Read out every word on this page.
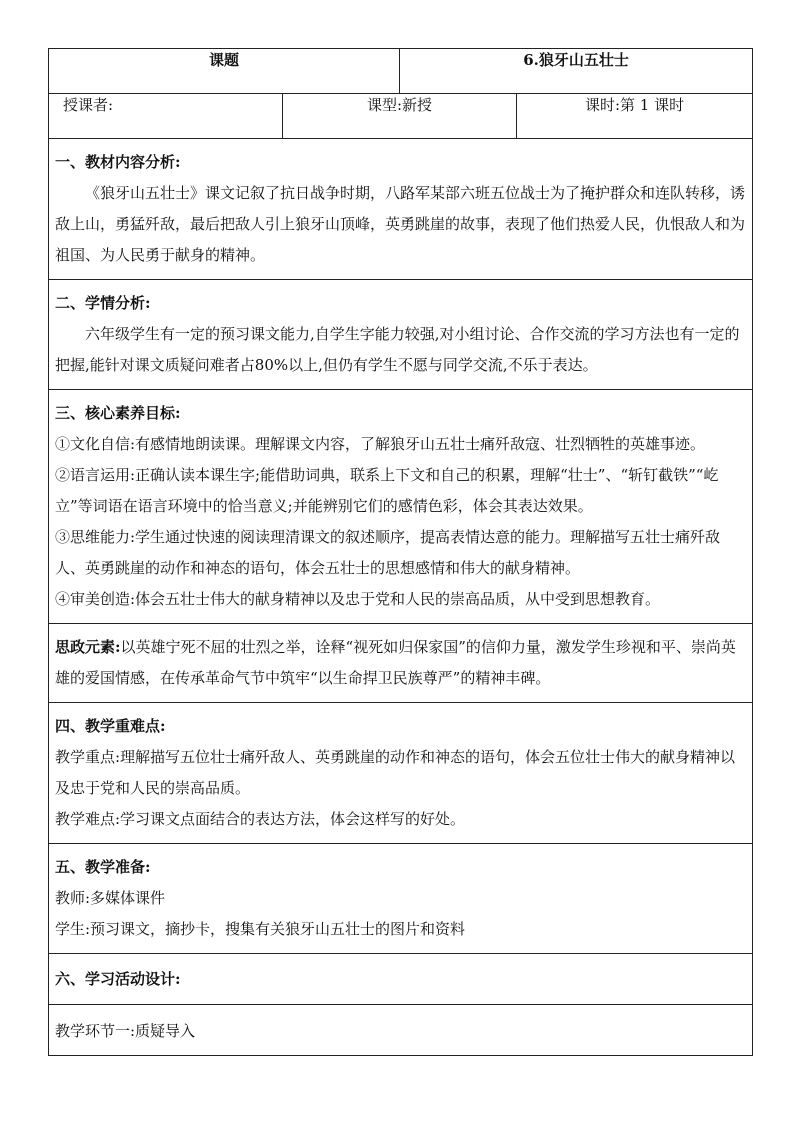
课题		6.狼牙山五壮士	
授课者:	课型:新授		课时:第 1 课时

一、教材内容分析:
《狼牙山五壮士》课文记叙了抗日战争时期，八路军某部六班五位战士为了掩护群众和连队转移，诱敌上山，勇猛歼敌，最后把敌人引上狼牙山顶峰，英勇跳崖的故事，表现了他们热爱人民，仇恨敌人和为祖国、为人民勇于献身的精神。			

二、学情分析:
六年级学生有一定的预习课文能力,自学生字能力较强,对小组讨论、合作交流的学习方法也有一定的把握,能针对课文质疑问难者占80%以上,但仍有学生不愿与同学交流,不乐于表达。			

三、核心素养目标:
①文化自信:有感情地朗读课。理解课文内容，了解狼牙山五壮士痛歼敌寇、壮烈牺牲的英雄事迹。
②语言运用:正确认读本课生字;能借助词典，联系上下文和自己的积累，理解“壮士”、“斩钉截铁”“屹立”等词语在语言环境中的恰当意义;并能辨别它们的感情色彩，体会其表达效果。
③思维能力:学生通过快速的阅读理清课文的叙述顺序，提高表情达意的能力。理解描写五壮士痛歼敌人、英勇跳崖的动作和神态的语句，体会五壮士的思想感情和伟大的献身精神。
④审美创造:体会五壮士伟大的献身精神以及忠于党和人民的崇高品质，从中受到思想教育。			

思政元素:以英雄宁死不屈的壮烈之举，诠释“视死如归保家国”的信仰力量，激发学生珍视和平、崇尚英雄的爱国情感，在传承革命气节中筑牢“以生命捍卫民族尊严”的精神丰碑。			

四、教学重难点:
教学重点:理解描写五位壮士痛歼敌人、英勇跳崖的动作和神态的语句，体会五位壮士伟大的献身精神以及忠于党和人民的崇高品质。
教学难点:学习课文点面结合的表达方法，体会这样写的好处。			

五、教学准备:
教师:多媒体课件
学生:预习课文，摘抄卡，搜集有关狼牙山五壮士的图片和资料			

六、学习活动设计:			

教学环节一:质疑导入			
